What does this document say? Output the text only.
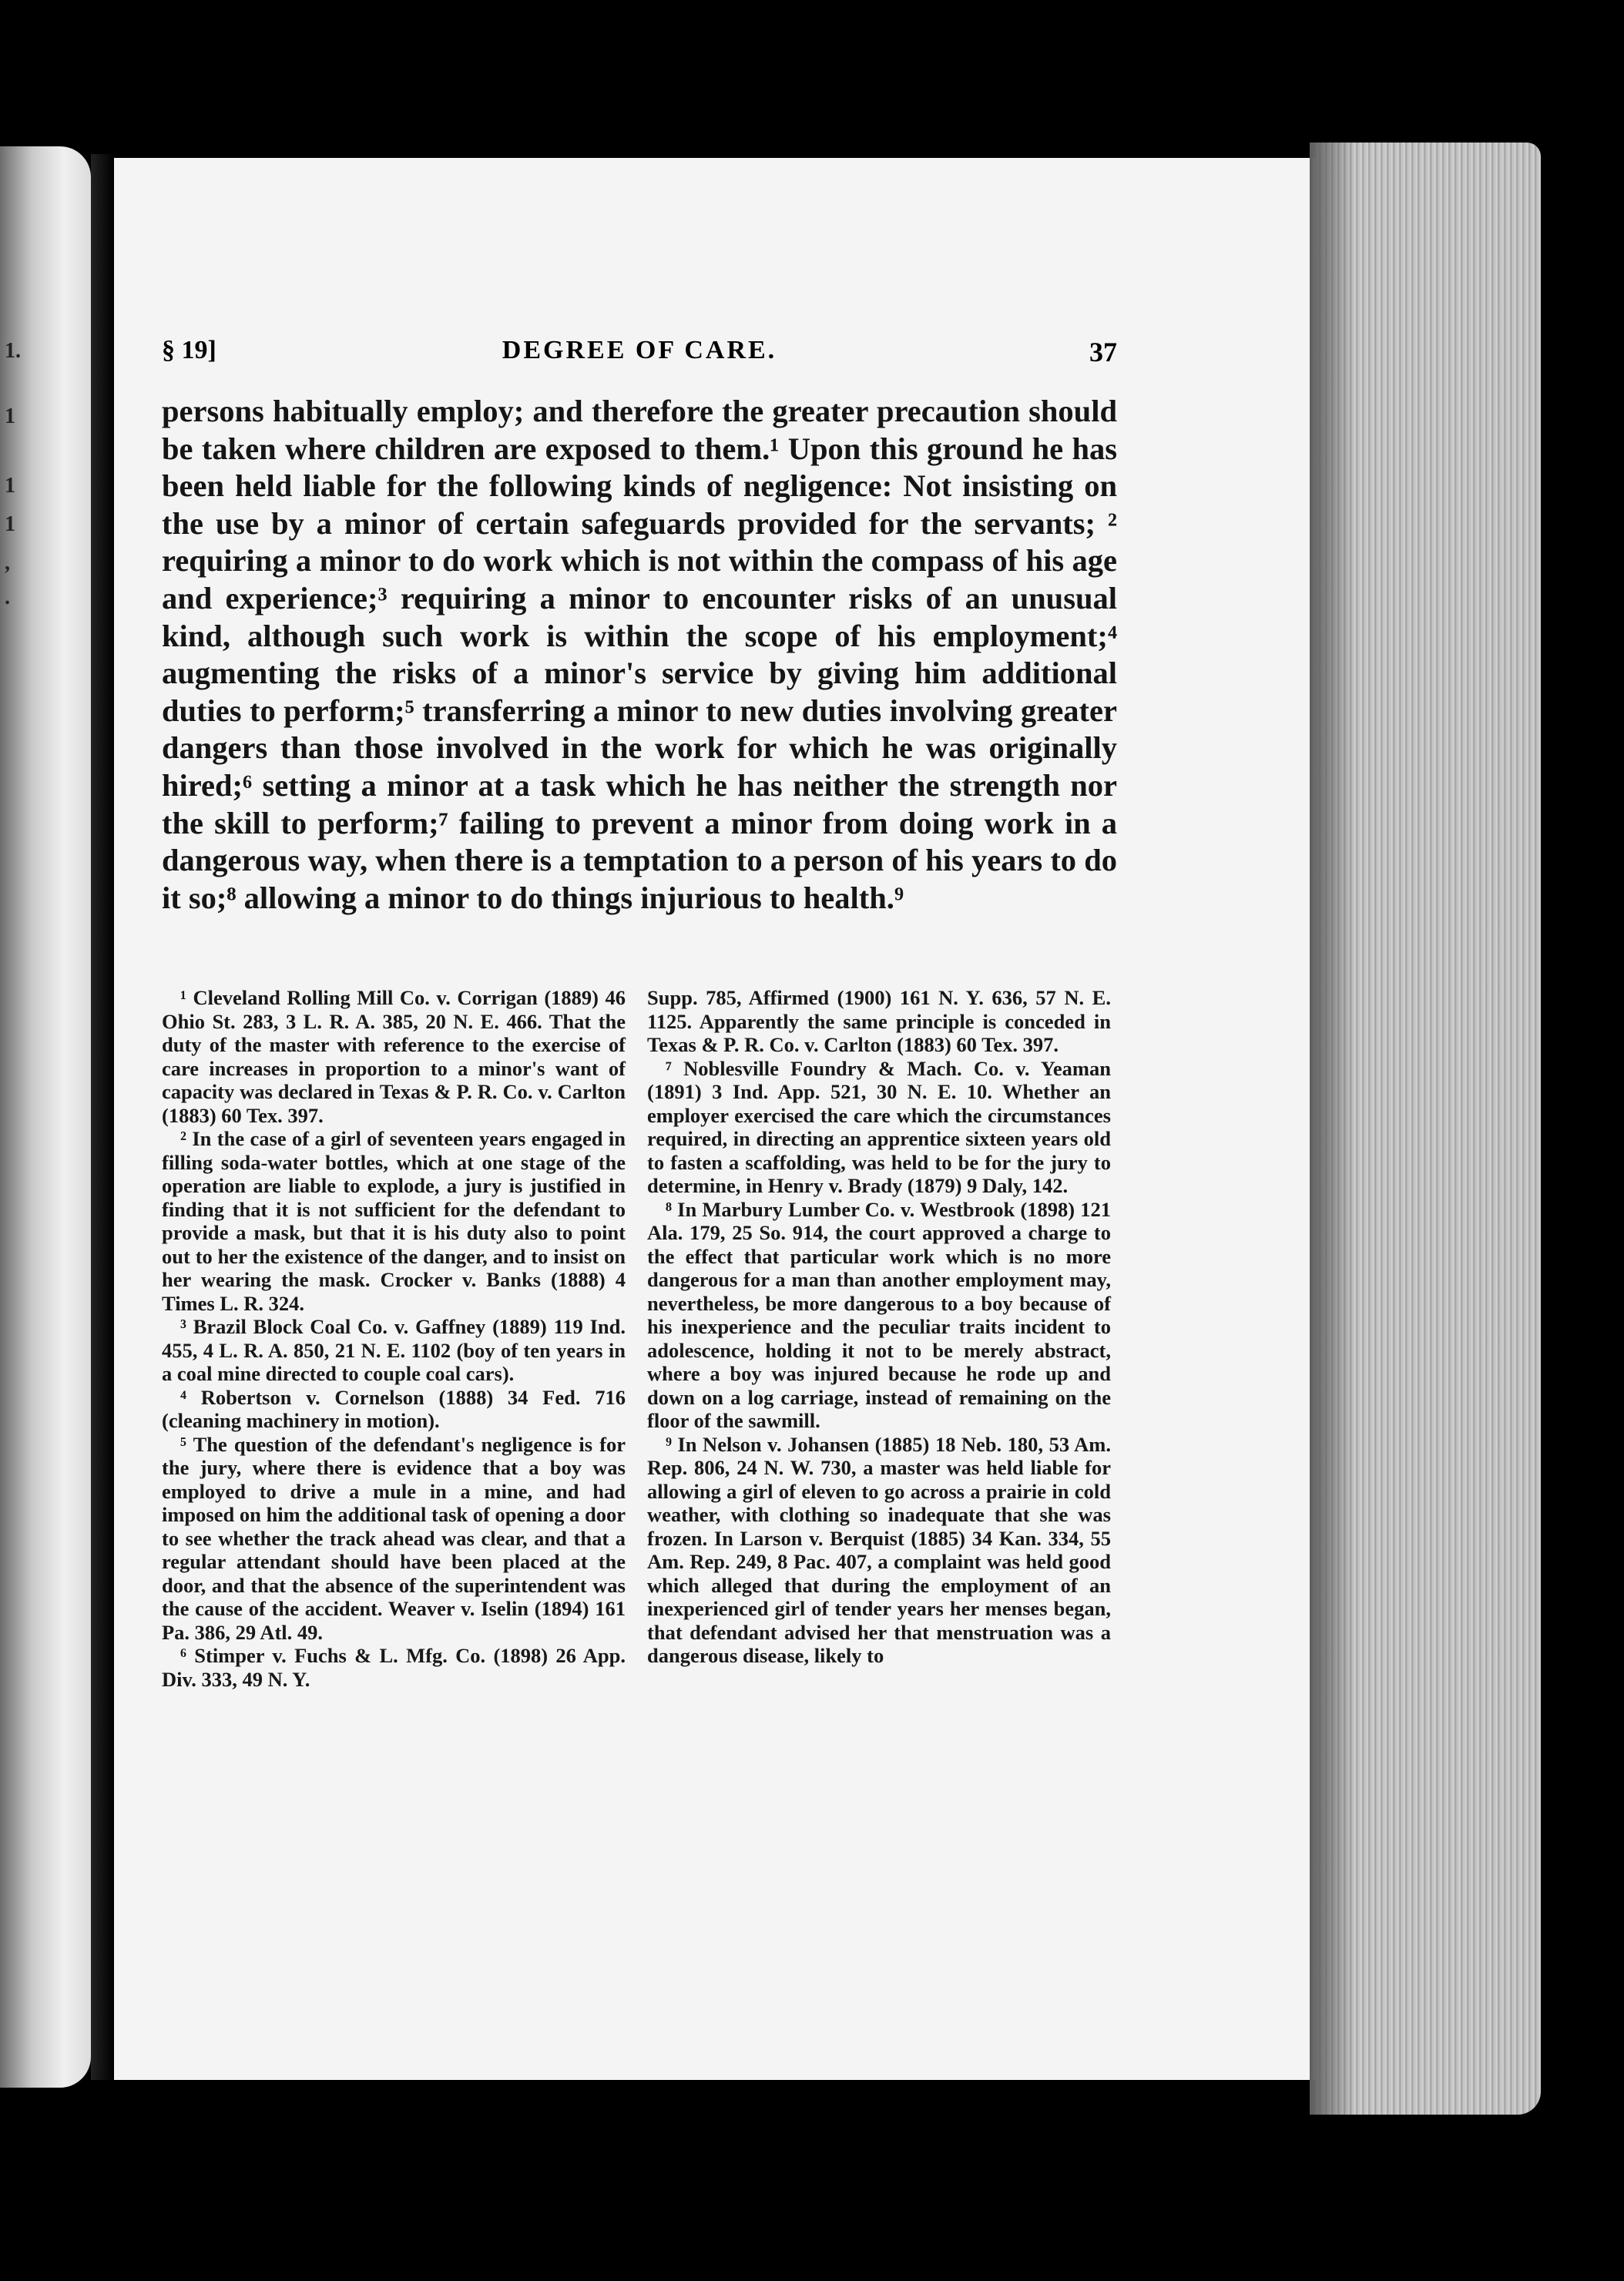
1.
1
1
1
,
.
§ 19]	DEGREE OF CARE.	37

persons habitually employ; and therefore the greater precaution should be taken where children are exposed to them.¹ Upon this ground he has been held liable for the following kinds of negligence: Not insisting on the use by a minor of certain safeguards provided for the servants; ² requiring a minor to do work which is not within the compass of his age and experience;³ requiring a minor to encounter risks of an unusual kind, although such work is within the scope of his employment;⁴ augmenting the risks of a minor's service by giving him additional duties to perform;⁵ transferring a minor to new duties involving greater dangers than those involved in the work for which he was originally hired;⁶ setting a minor at a task which he has neither the strength nor the skill to perform;⁷ failing to prevent a minor from doing work in a dangerous way, when there is a temptation to a person of his years to do it so;⁸ allowing a minor to do things injurious to health.⁹

¹ Cleveland Rolling Mill Co. v. Corrigan (1889) 46 Ohio St. 283, 3 L. R. A. 385, 20 N. E. 466. That the duty of the master with reference to the exercise of care increases in proportion to a minor's want of capacity was declared in Texas & P. R. Co. v. Carlton (1883) 60 Tex. 397.

² In the case of a girl of seventeen years engaged in filling soda-water bottles, which at one stage of the operation are liable to explode, a jury is justified in finding that it is not sufficient for the defendant to provide a mask, but that it is his duty also to point out to her the existence of the danger, and to insist on her wearing the mask. Crocker v. Banks (1888) 4 Times L. R. 324.

³ Brazil Block Coal Co. v. Gaffney (1889) 119 Ind. 455, 4 L. R. A. 850, 21 N. E. 1102 (boy of ten years in a coal mine directed to couple coal cars).

⁴ Robertson v. Cornelson (1888) 34 Fed. 716 (cleaning machinery in motion).

⁵ The question of the defendant's negligence is for the jury, where there is evidence that a boy was employed to drive a mule in a mine, and had imposed on him the additional task of opening a door to see whether the track ahead was clear, and that a regular attendant should have been placed at the door, and that the absence of the superintendent was the cause of the accident. Weaver v. Iselin (1894) 161 Pa. 386, 29 Atl. 49.

⁶ Stimper v. Fuchs & L. Mfg. Co. (1898) 26 App. Div. 333, 49 N. Y.

Supp. 785, Affirmed (1900) 161 N. Y. 636, 57 N. E. 1125. Apparently the same principle is conceded in Texas & P. R. Co. v. Carlton (1883) 60 Tex. 397.

⁷ Noblesville Foundry & Mach. Co. v. Yeaman (1891) 3 Ind. App. 521, 30 N. E. 10. Whether an employer exercised the care which the circumstances required, in directing an apprentice sixteen years old to fasten a scaffolding, was held to be for the jury to determine, in Henry v. Brady (1879) 9 Daly, 142.

⁸ In Marbury Lumber Co. v. Westbrook (1898) 121 Ala. 179, 25 So. 914, the court approved a charge to the effect that particular work which is no more dangerous for a man than another employment may, nevertheless, be more dangerous to a boy because of his inexperience and the peculiar traits incident to adolescence, holding it not to be merely abstract, where a boy was injured because he rode up and down on a log carriage, instead of remaining on the floor of the sawmill.

⁹ In Nelson v. Johansen (1885) 18 Neb. 180, 53 Am. Rep. 806, 24 N. W. 730, a master was held liable for allowing a girl of eleven to go across a prairie in cold weather, with clothing so inadequate that she was frozen. In Larson v. Berquist (1885) 34 Kan. 334, 55 Am. Rep. 249, 8 Pac. 407, a complaint was held good which alleged that during the employment of an inexperienced girl of tender years her menses began, that defendant advised her that menstruation was a dangerous disease, likely to
